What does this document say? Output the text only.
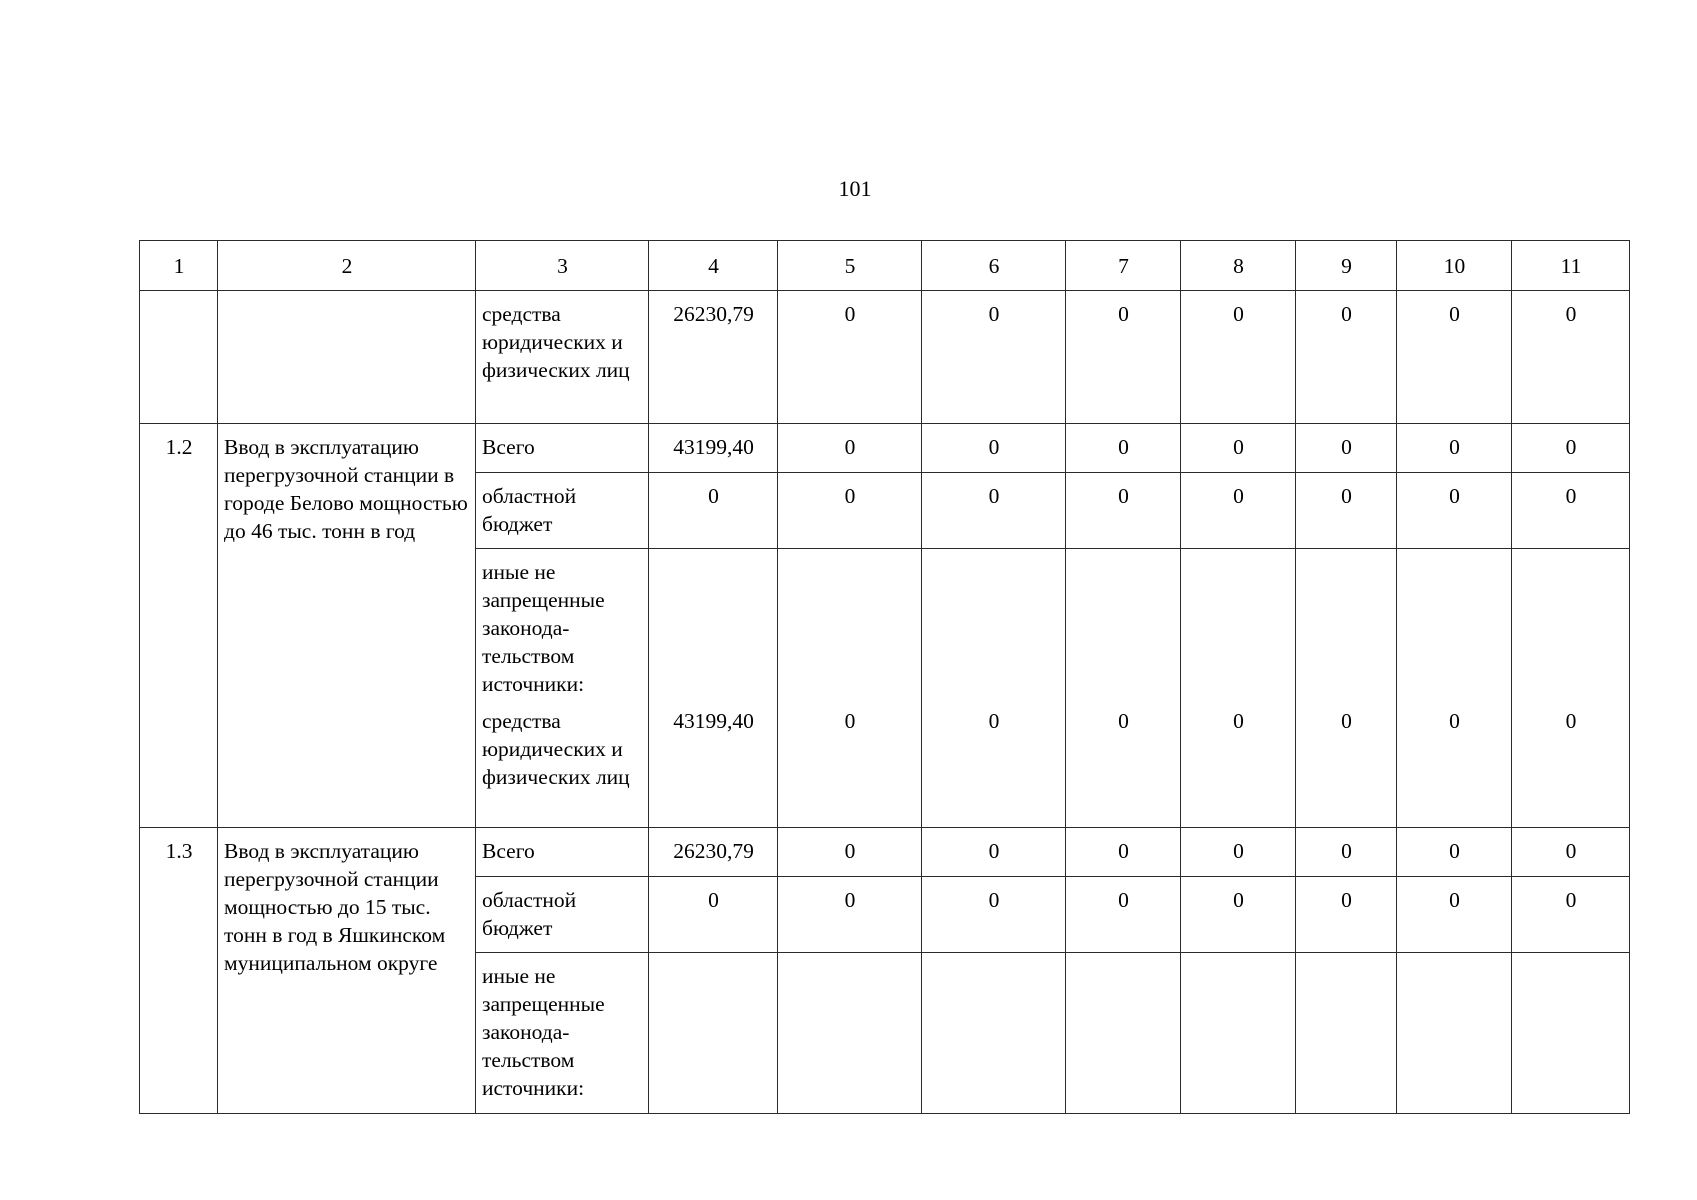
101
1	2	3	4	5	6	7	8	9	10	11
		средства юридических и физических лиц	26230,79	0	0	0	0	0	0	0
1.2	Ввод в эксплуатацию перегрузочной станции в городе Белово мощностью до 46 тыс. тонн в год	Всего	43199,40	0	0	0	0	0	0	0
		областной бюджет	0	0	0	0	0	0	0	0
		иные не запрещенные законода-тельством источники:								
		средства юридических и физических лиц	43199,40	0	0	0	0	0	0	0
1.3	Ввод в эксплуатацию перегрузочной станции мощностью до 15 тыс. тонн в год в Яшкинском муниципальном округе	Всего	26230,79	0	0	0	0	0	0	0
		областной бюджет	0	0	0	0	0	0	0	0
		иные не запрещенные законода-тельством источники:								
